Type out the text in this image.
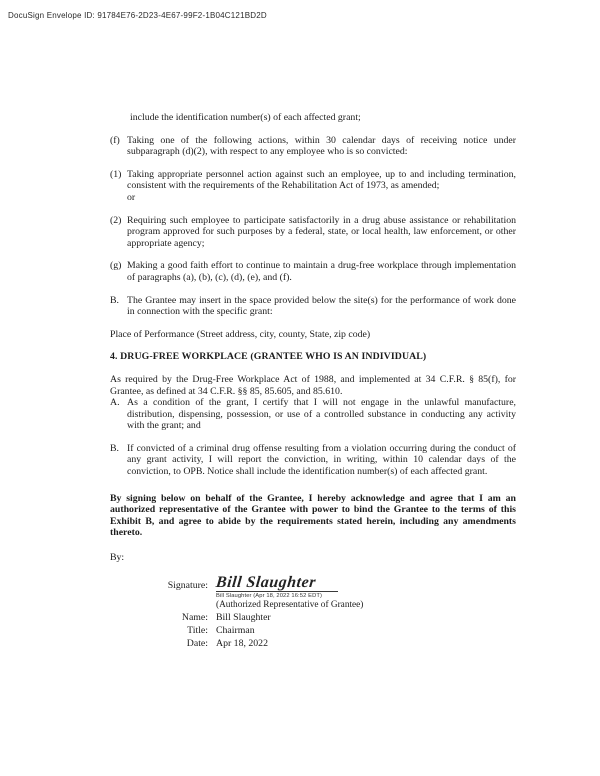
DocuSign Envelope ID: 91784E76-2D23-4E67-99F2-1B04C121BD2D

include the identification number(s) of each affected grant;

(f) Taking one of the following actions, within 30 calendar days of receiving notice under subparagraph (d)(2), with respect to any employee who is so convicted:

(1) Taking appropriate personnel action against such an employee, up to and including termination, consistent with the requirements of the Rehabilitation Act of 1973, as amended;
or

(2) Requiring such employee to participate satisfactorily in a drug abuse assistance or rehabilitation program approved for such purposes by a federal, state, or local health, law enforcement, or other appropriate agency;

(g) Making a good faith effort to continue to maintain a drug-free workplace through implementation of paragraphs (a), (b), (c), (d), (e), and (f).

B. The Grantee may insert in the space provided below the site(s) for the performance of work done in connection with the specific grant:

Place of Performance (Street address, city, county, State, zip code)

4. DRUG-FREE WORKPLACE (GRANTEE WHO IS AN INDIVIDUAL)

As required by the Drug-Free Workplace Act of 1988, and implemented at 34 C.F.R. § 85(f), for Grantee, as defined at 34 C.F.R. §§ 85, 85.605, and 85.610.

A. As a condition of the grant, I certify that I will not engage in the unlawful manufacture, distribution, dispensing, possession, or use of a controlled substance in conducting any activity with the grant; and

B. If convicted of a criminal drug offense resulting from a violation occurring during the conduct of any grant activity, I will report the conviction, in writing, within 10 calendar days of the conviction, to OPB. Notice shall include the identification number(s) of each affected grant.

By signing below on behalf of the Grantee, I hereby acknowledge and agree that I am an authorized representative of the Grantee with power to bind the Grantee to the terms of this Exhibit B, and agree to abide by the requirements stated herein, including any amendments thereto.

By:

Signature: Bill Slaughter
Bill Slaughter (Apr 18, 2022 16:52 EDT)
(Authorized Representative of Grantee)
Name: Bill Slaughter
Title: Chairman
Date: Apr 18, 2022
